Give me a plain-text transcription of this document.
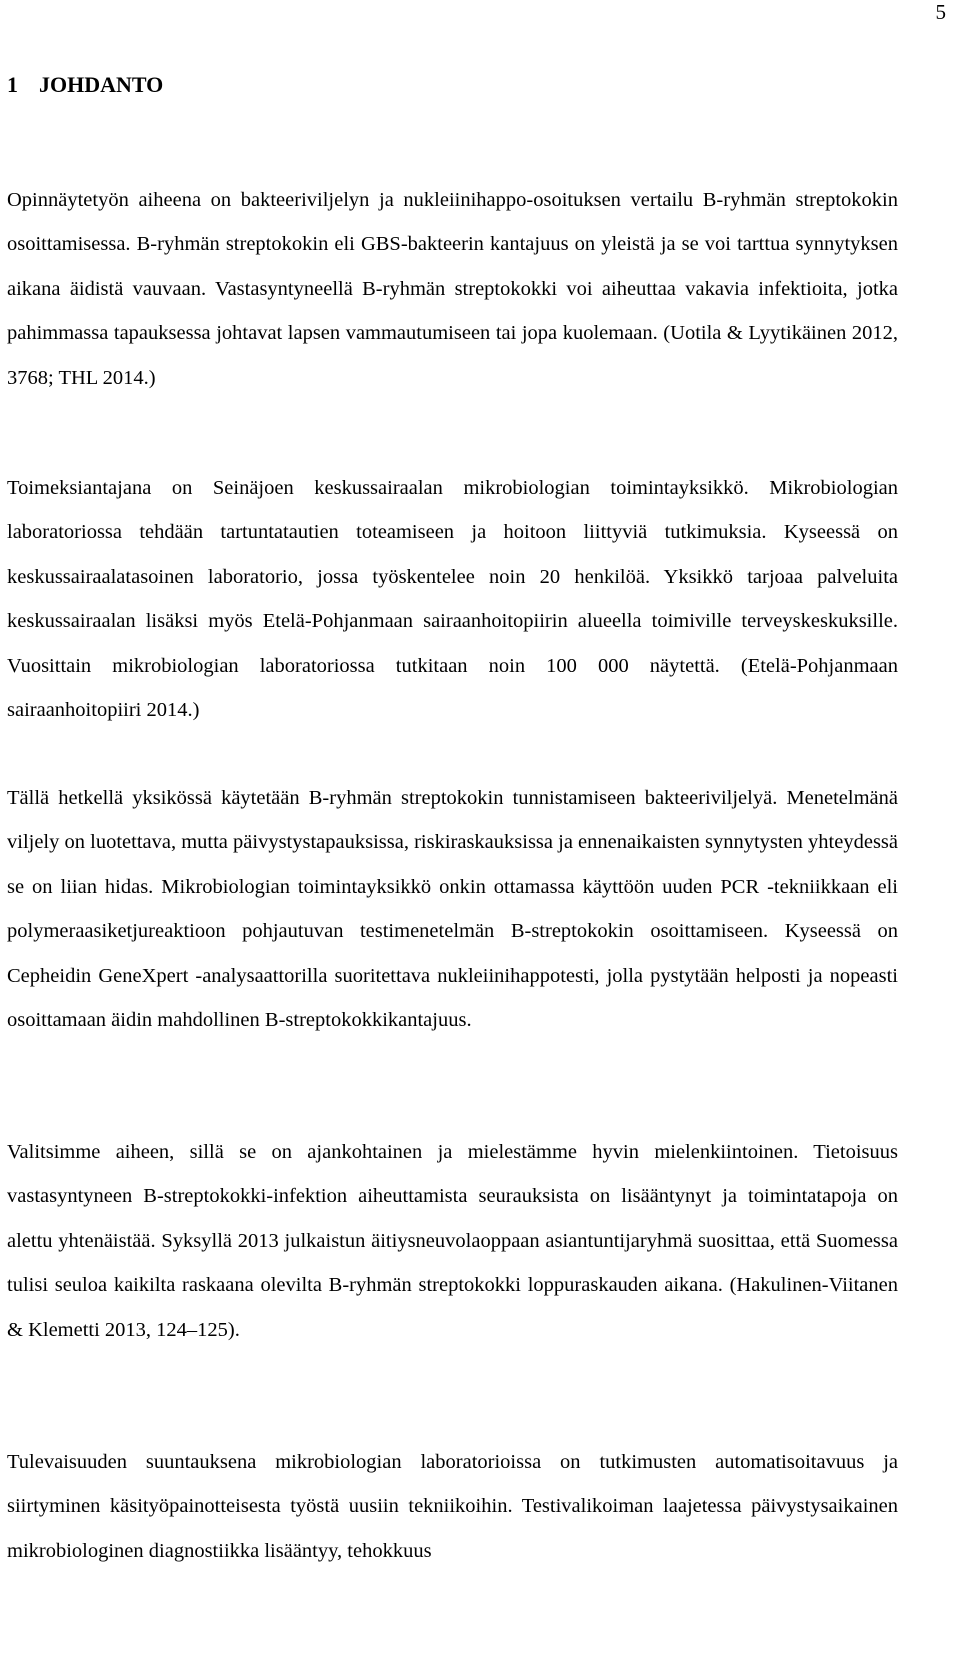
5
1 JOHDANTO

Opinnäytetyön aiheena on bakteeriviljelyn ja nukleiinihappo-osoituksen vertailu B-ryhmän streptokokin osoittamisessa. B-ryhmän streptokokin eli GBS-bakteerin kantajuus on yleistä ja se voi tarttua synnytyksen aikana äidistä vauvaan. Vastasyntyneellä B-ryhmän streptokokki voi aiheuttaa vakavia infektioita, jotka pahimmassa tapauksessa johtavat lapsen vammautumiseen tai jopa kuolemaan. (Uotila & Lyytikäinen 2012, 3768; THL 2014.)

Toimeksiantajana on Seinäjoen keskussairaalan mikrobiologian toimintayksikkö. Mikrobiologian laboratoriossa tehdään tartuntatautien toteamiseen ja hoitoon liittyviä tutkimuksia. Kyseessä on keskussairaalatasoinen laboratorio, jossa työskentelee noin 20 henkilöä. Yksikkö tarjoaa palveluita keskussairaalan lisäksi myös Etelä-Pohjanmaan sairaanhoitopiirin alueella toimiville terveyskeskuksille. Vuosittain mikrobiologian laboratoriossa tutkitaan noin 100 000 näytettä. (Etelä-Pohjanmaan sairaanhoitopiiri 2014.)

Tällä hetkellä yksikössä käytetään B-ryhmän streptokokin tunnistamiseen bakteeriviljelyä. Menetelmänä viljely on luotettava, mutta päivystystapauksissa, riskiraskauksissa ja ennenaikaisten synnytysten yhteydessä se on liian hidas. Mikrobiologian toimintayksikkö onkin ottamassa käyttöön uuden PCR -tekniikkaan eli polymeraasiketjureaktioon pohjautuvan testimenetelmän B-streptokokin osoittamiseen. Kyseessä on Cepheidin GeneXpert -analysaattorilla suoritettava nukleiinihappotesti, jolla pystytään helposti ja nopeasti osoittamaan äidin mahdollinen B-streptokokkikantajuus.

Valitsimme aiheen, sillä se on ajankohtainen ja mielestämme hyvin mielenkiintoinen. Tietoisuus vastasyntyneen B-streptokokki-infektion aiheuttamista seurauksista on lisääntynyt ja toimintatapoja on alettu yhtenäistää. Syksyllä 2013 julkaistun äitiysneuvolaoppaan asiantuntijaryhmä suosittaa, että Suomessa tulisi seuloa kaikilta raskaana olevilta B-ryhmän streptokokki loppuraskauden aikana. (Hakulinen-Viitanen & Klemetti 2013, 124–125).

Tulevaisuuden suuntauksena mikrobiologian laboratorioissa on tutkimusten automatisoitavuus ja siirtyminen käsityöpainotteisesta työstä uusiin tekniikoihin. Testivalikoiman laajetessa päivystysaikainen mikrobiologinen diagnostiikka lisääntyy, tehokkuus
